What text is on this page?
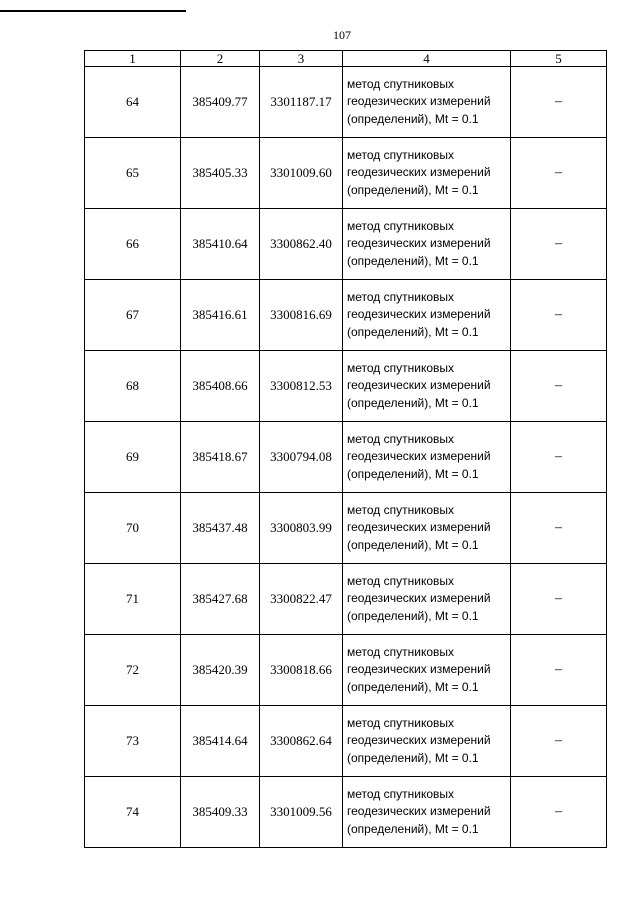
107
1	2	3	4	5
64	385409.77	3301187.17	метод спутниковых геодезических измерений (определений), Mt = 0.1	–
65	385405.33	3301009.60	метод спутниковых геодезических измерений (определений), Mt = 0.1	–
66	385410.64	3300862.40	метод спутниковых геодезических измерений (определений), Mt = 0.1	–
67	385416.61	3300816.69	метод спутниковых геодезических измерений (определений), Mt = 0.1	–
68	385408.66	3300812.53	метод спутниковых геодезических измерений (определений), Mt = 0.1	–
69	385418.67	3300794.08	метод спутниковых геодезических измерений (определений), Mt = 0.1	–
70	385437.48	3300803.99	метод спутниковых геодезических измерений (определений), Mt = 0.1	–
71	385427.68	3300822.47	метод спутниковых геодезических измерений (определений), Mt = 0.1	–
72	385420.39	3300818.66	метод спутниковых геодезических измерений (определений), Mt = 0.1	–
73	385414.64	3300862.64	метод спутниковых геодезических измерений (определений), Mt = 0.1	–
74	385409.33	3301009.56	метод спутниковых геодезических измерений (определений), Mt = 0.1	–
